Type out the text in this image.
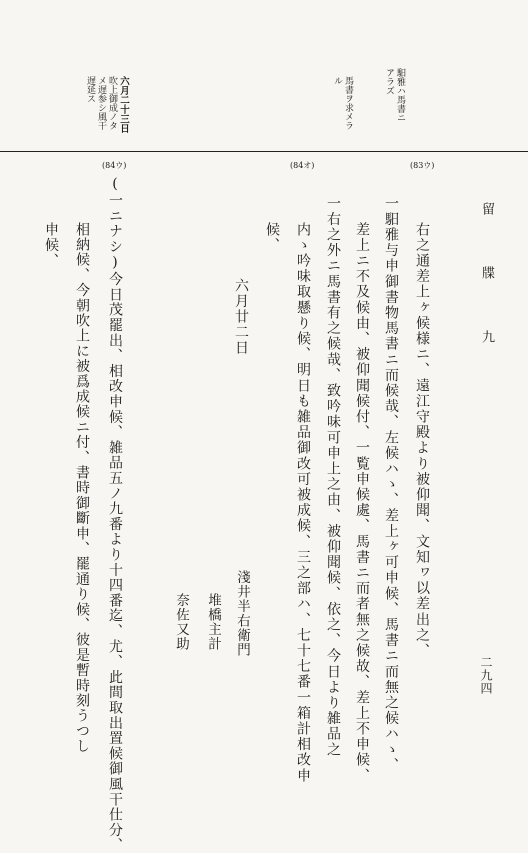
留 牒 九
二九四
馹雅ハ馬書ニ
アラズ
馬書ヲ求メラ
ル
六月二十三日
吹上御成ノタ
メ遅参シ風干
遅延ス
(83ウ)
(84オ)
(84ウ)
右之通差上ヶ候様ニ、遠江守殿より被仰聞、文知ヮ以差出之、
一馹雅与申御書物馬書ニ而候哉、左候ハゝ、差上ヶ可申候、馬書ニ而無之候ハゝ、
差上ニ不及候由、被仰聞候付、一覧申候處、馬書ニ而者無之候故、差上不申候、
一右之外ニ馬書有之候哉、致吟味可申上之由、被仰聞候、依之、今日より雑品之
内ゝ吟味取懸り候、明日も雑品御改可被成候、三之部ハ、七十七番一箱計相改申
候、
六月廿二日
(一ニナシ)今日茂罷出、相改申候、雑品五ノ九番より十四番迄、尤、此間取出置候御風干仕分、
相納候、今朝吹上に被爲成候ニ付、書時御斷申、罷通り候、彼是暫時刻うつし
申候、
淺井半右衛門
堆橋主計
奈佐又助
